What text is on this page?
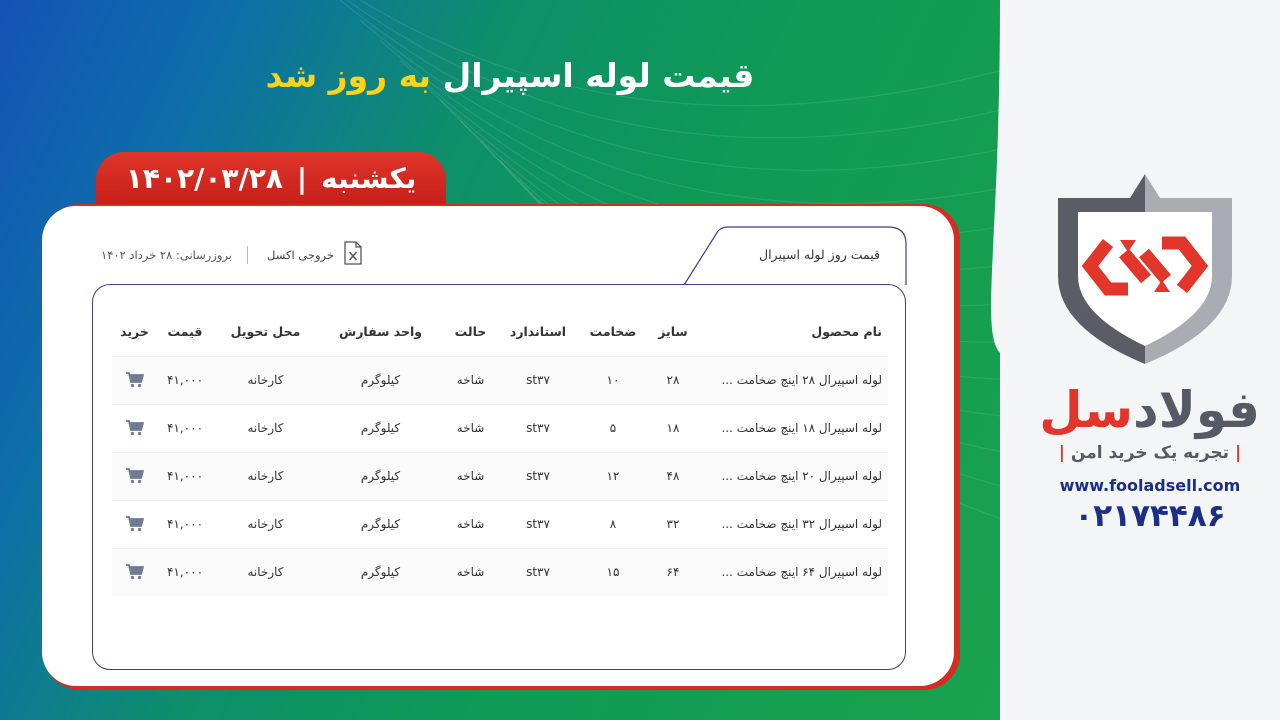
قیمت لوله اسپیرال به روز شد
یکشنبه
|
۱۴۰۲/۰۳/۲۸
قیمت روز لوله اسپیرال
خروجی اکسل
بروزرسانی: ۲۸ خرداد ۱۴۰۲
نام محصول	سایز	ضخامت	استاندارد	حالت	واحد سفارش	محل تحویل	قیمت	خرید
لوله اسپیرال ۲۸ اینچ ضخامت ...	۲۸	۱۰	st۳۷	شاخه	کیلوگرم	کارخانه	۴۱,۰۰۰	
لوله اسپیرال ۱۸ اینچ ضخامت ...	۱۸	۵	st۳۷	شاخه	کیلوگرم	کارخانه	۴۱,۰۰۰	
لوله اسپیرال ۲۰ اینچ ضخامت ...	۴۸	۱۲	st۳۷	شاخه	کیلوگرم	کارخانه	۴۱,۰۰۰	
لوله اسپیرال ۳۲ اینچ ضخامت ...	۳۲	۸	st۳۷	شاخه	کیلوگرم	کارخانه	۴۱,۰۰۰	
لوله اسپیرال ۶۴ اینچ ضخامت ...	۶۴	۱۵	st۳۷	شاخه	کیلوگرم	کارخانه	۴۱,۰۰۰	
فولادسل
| تجربه یک خرید امن |
www.fooladsell.com
۰۲۱۷۴۴۸۶
